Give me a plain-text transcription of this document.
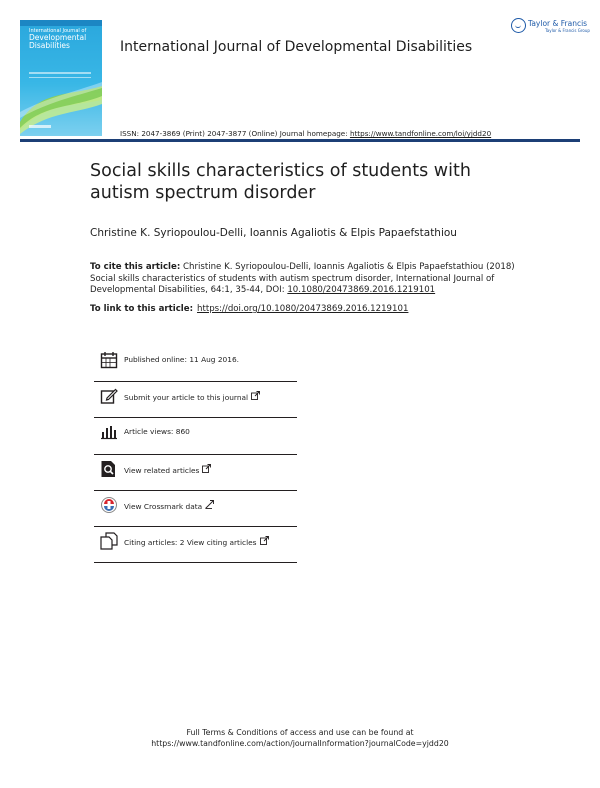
International Journal of
Developmental
Disabilities	International Journal of Developmental Disabilities
Taylor & Francis
Taylor & Francis Group
ISSN: 2047-3869 (Print) 2047-3877 (Online) Journal homepage: https://www.tandfonline.com/loi/yjdd20
Social skills characteristics of students with autism spectrum disorder
Christine K. Syriopoulou-Delli, Ioannis Agaliotis & Elpis Papaefstathiou
To cite this article: Christine K. Syriopoulou-Delli, Ioannis Agaliotis & Elpis Papaefstathiou (2018) Social skills characteristics of students with autism spectrum disorder, International Journal of Developmental Disabilities, 64:1, 35-44, DOI: 10.1080/20473869.2016.1219101
To link to this article: https://doi.org/10.1080/20473869.2016.1219101
Published online: 11 Aug 2016.
Submit your article to this journal
Article views: 860
View related articles
View Crossmark data
Citing articles: 2 View citing articles
Full Terms & Conditions of access and use can be found at
https://www.tandfonline.com/action/journalInformation?journalCode=yjdd20
